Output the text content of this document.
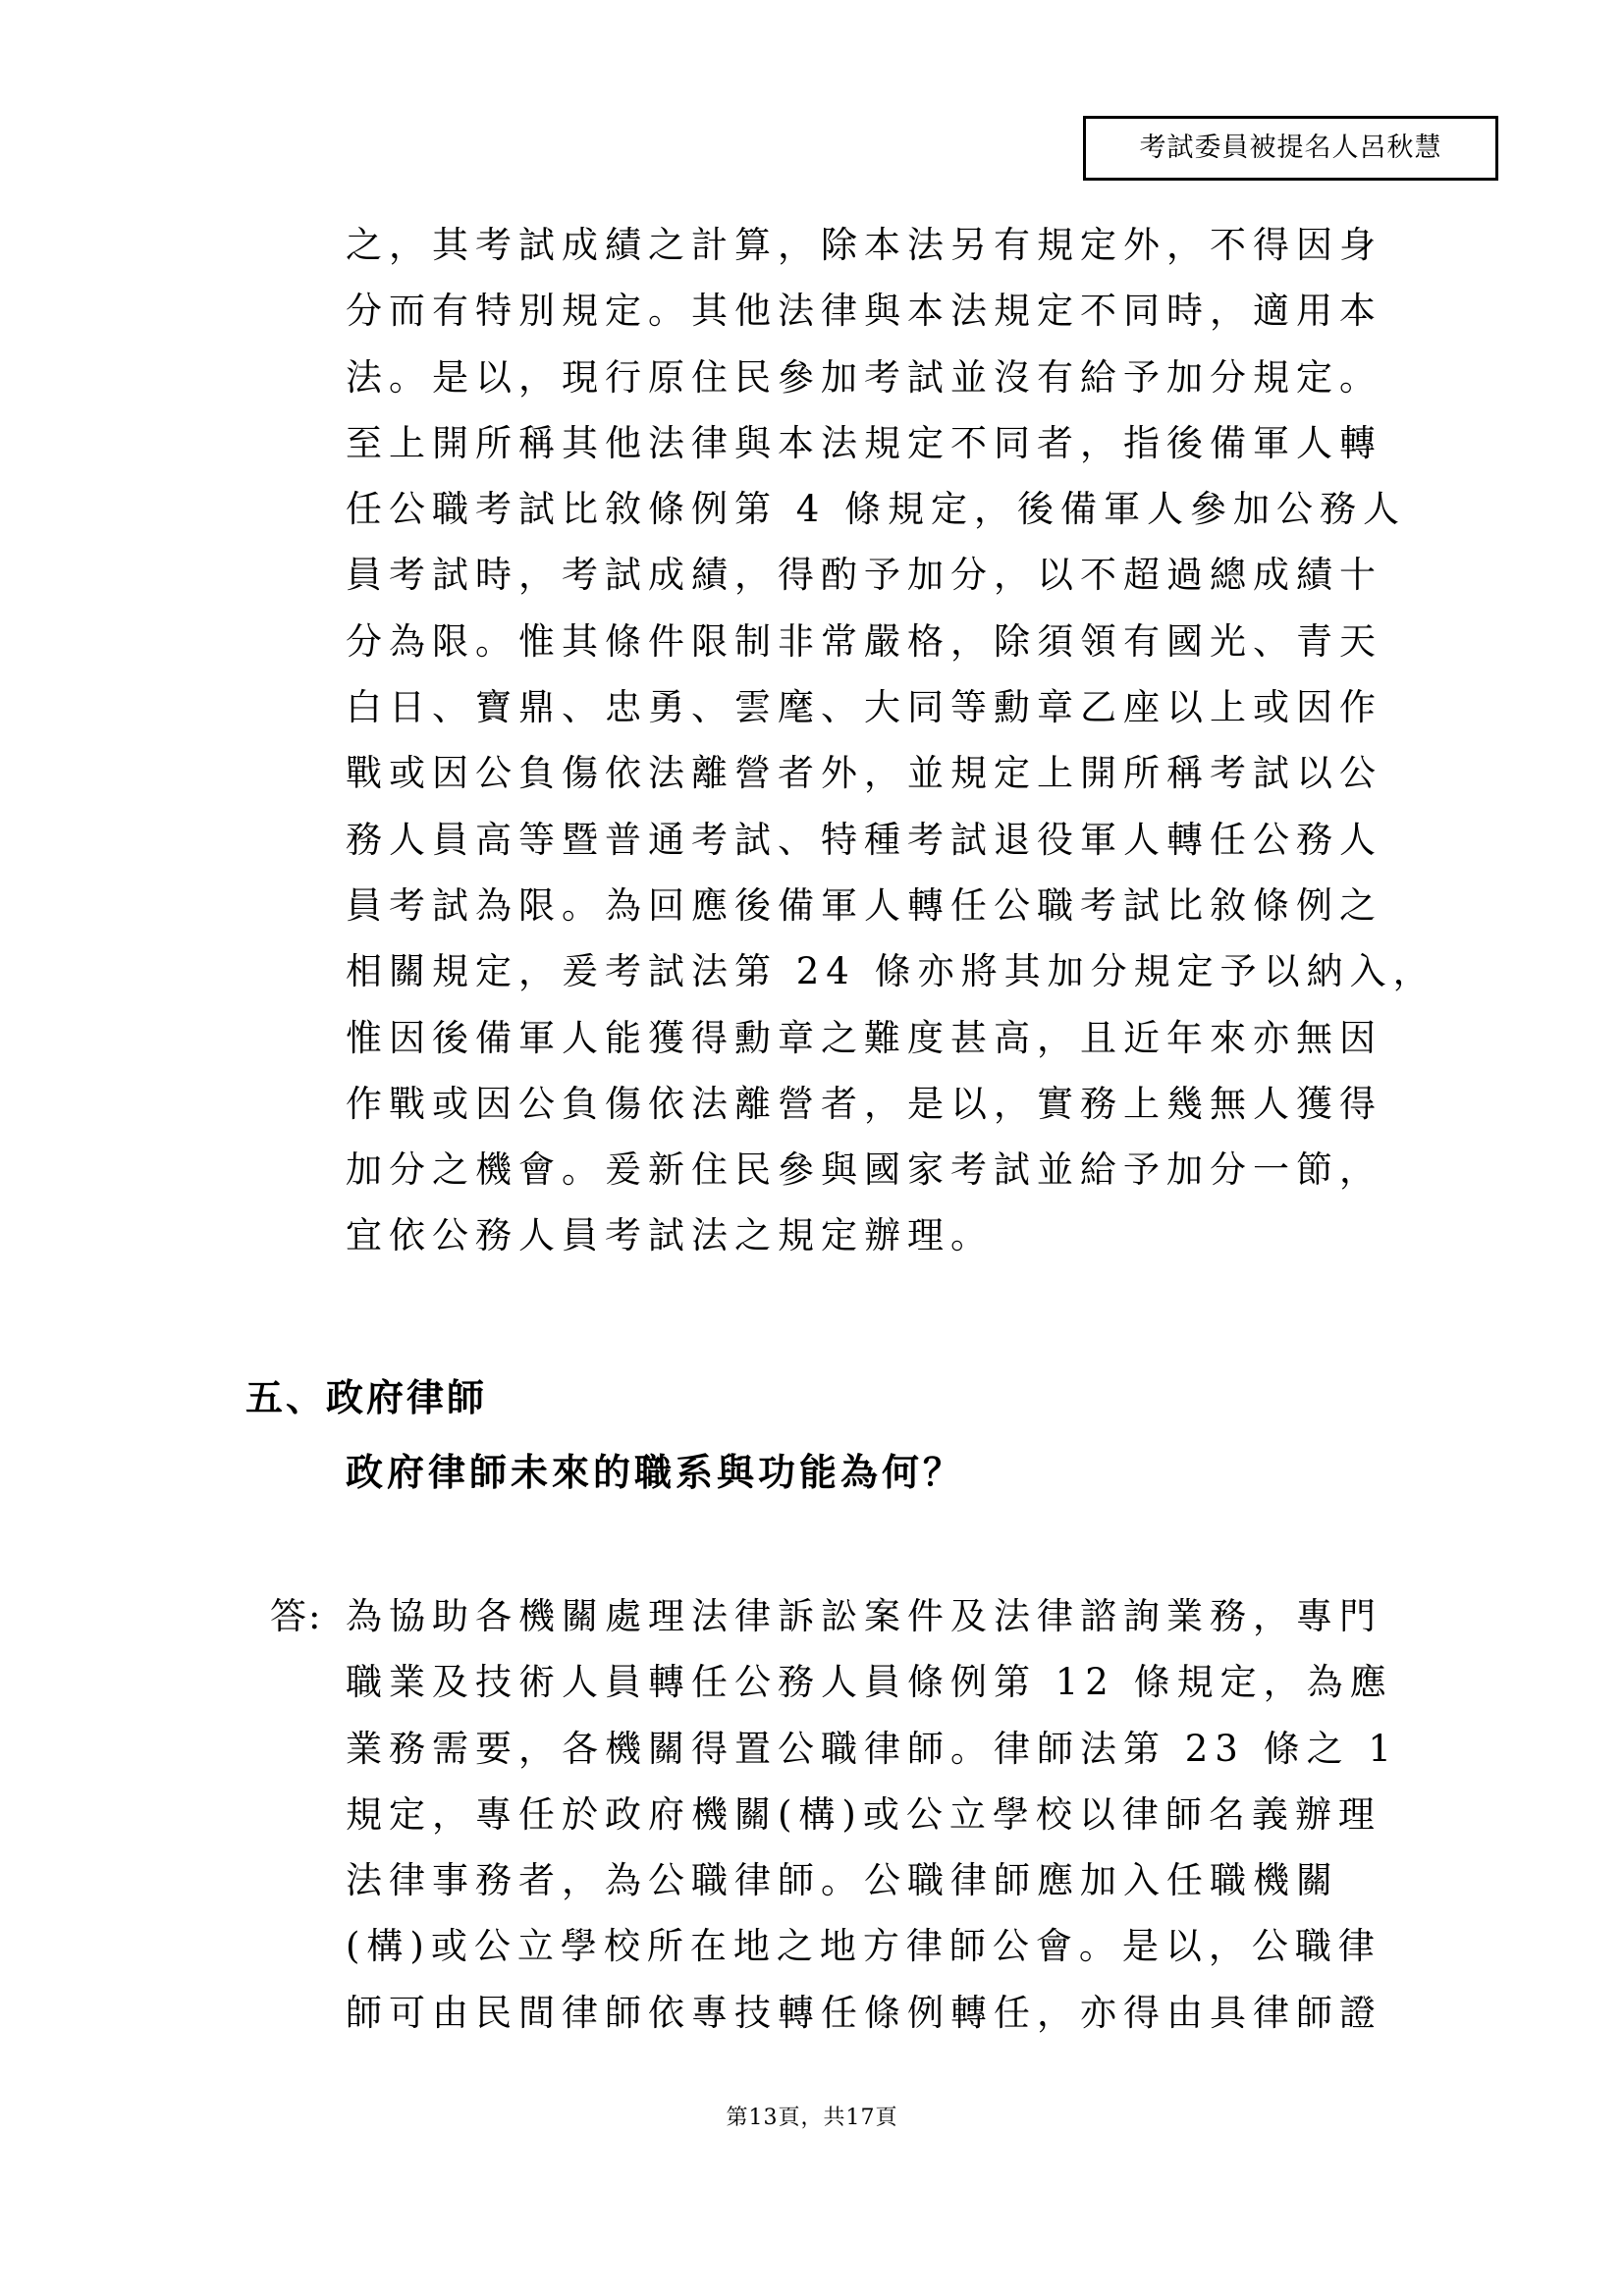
考試委員被提名人呂秋慧
之，其考試成績之計算，除本法另有規定外，不得因身
分而有特別規定。其他法律與本法規定不同時，適用本
法。是以，現行原住民參加考試並沒有給予加分規定。
至上開所稱其他法律與本法規定不同者，指後備軍人轉
任公職考試比敘條例第 4 條規定，後備軍人參加公務人
員考試時，考試成績，得酌予加分，以不超過總成績十
分為限。惟其條件限制非常嚴格，除須領有國光、青天
白日、寶鼎、忠勇、雲麾、大同等勳章乙座以上或因作
戰或因公負傷依法離營者外，並規定上開所稱考試以公
務人員高等暨普通考試、特種考試退役軍人轉任公務人
員考試為限。為回應後備軍人轉任公職考試比敘條例之
相關規定，爰考試法第 24 條亦將其加分規定予以納入，
惟因後備軍人能獲得勳章之難度甚高，且近年來亦無因
作戰或因公負傷依法離營者，是以，實務上幾無人獲得
加分之機會。爰新住民參與國家考試並給予加分一節，
宜依公務人員考試法之規定辦理。
五、政府律師
政府律師未來的職系與功能為何？
答: 為協助各機關處理法律訴訟案件及法律諮詢業務，專門
職業及技術人員轉任公務人員條例第 12 條規定，為應
業務需要，各機關得置公職律師。律師法第 23 條之 1
規定，專任於政府機關(構)或公立學校以律師名義辦理
法律事務者，為公職律師。公職律師應加入任職機關
(構)或公立學校所在地之地方律師公會。是以，公職律
師可由民間律師依專技轉任條例轉任，亦得由具律師證
第13頁，共17頁
